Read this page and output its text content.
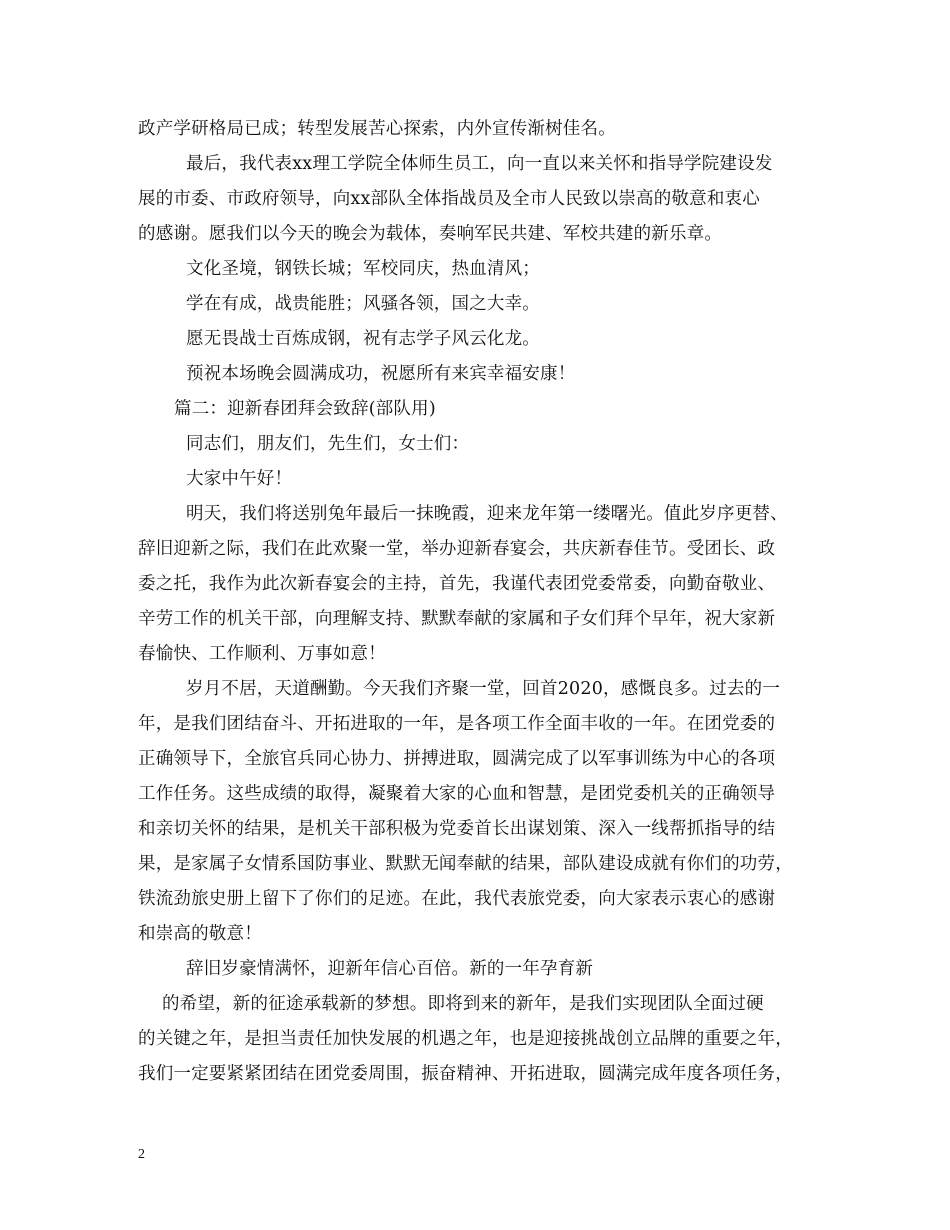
政产学研格局已成；转型发展苦心探索，内外宣传渐树佳名。
最后，我代表xx理工学院全体师生员工，向一直以来关怀和指导学院建设发
展的市委、市政府领导，向xx部队全体指战员及全市人民致以崇高的敬意和衷心
的感谢。愿我们以今天的晚会为载体，奏响军民共建、军校共建的新乐章。
文化圣境，钢铁长城；军校同庆，热血清风；
学在有成，战贵能胜；风骚各领，国之大幸。
愿无畏战士百炼成钢，祝有志学子风云化龙。
预祝本场晚会圆满成功，祝愿所有来宾幸福安康！
篇二：迎新春团拜会致辞(部队用)
同志们，朋友们，先生们，女士们：
大家中午好！
明天，我们将送别兔年最后一抹晚霞，迎来龙年第一缕曙光。值此岁序更替、
辞旧迎新之际，我们在此欢聚一堂，举办迎新春宴会，共庆新春佳节。受团长、政
委之托，我作为此次新春宴会的主持，首先，我谨代表团党委常委，向勤奋敬业、
辛劳工作的机关干部，向理解支持、默默奉献的家属和子女们拜个早年，祝大家新
春愉快、工作顺利、万事如意！
岁月不居，天道酬勤。今天我们齐聚一堂，回首2020，感慨良多。过去的一
年，是我们团结奋斗、开拓进取的一年，是各项工作全面丰收的一年。在团党委的
正确领导下，全旅官兵同心协力、拼搏进取，圆满完成了以军事训练为中心的各项
工作任务。这些成绩的取得，凝聚着大家的心血和智慧，是团党委机关的正确领导
和亲切关怀的结果，是机关干部积极为党委首长出谋划策、深入一线帮抓指导的结
果，是家属子女情系国防事业、默默无闻奉献的结果，部队建设成就有你们的功劳，
铁流劲旅史册上留下了你们的足迹。在此，我代表旅党委，向大家表示衷心的感谢
和崇高的敬意！
辞旧岁豪情满怀，迎新年信心百倍。新的一年孕育新
的希望，新的征途承载新的梦想。即将到来的新年，是我们实现团队全面过硬
的关键之年，是担当责任加快发展的机遇之年，也是迎接挑战创立品牌的重要之年，
我们一定要紧紧团结在团党委周围，振奋精神、开拓进取，圆满完成年度各项任务，
2
